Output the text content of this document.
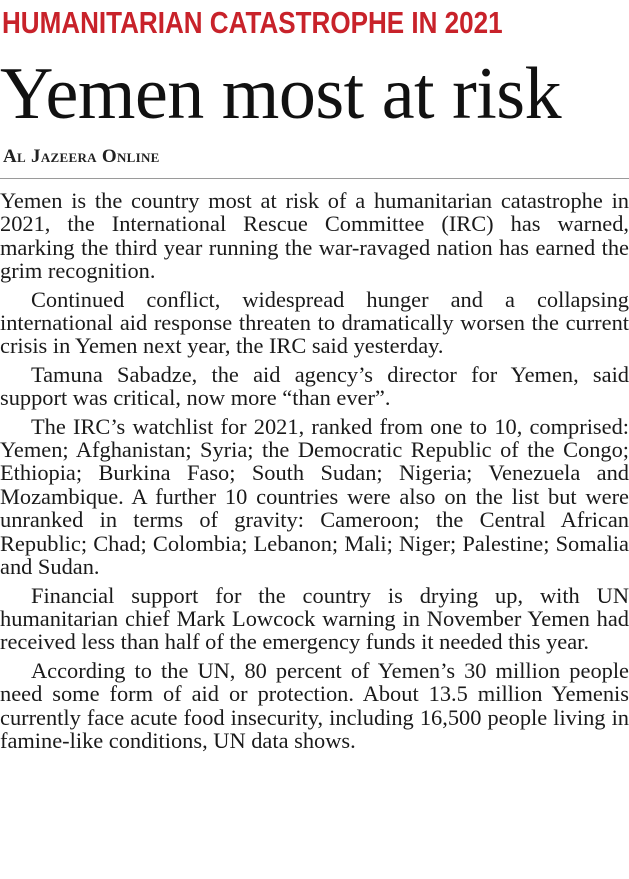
HUMANITARIAN CATASTROPHE IN 2021
Yemen most at risk
Al Jazeera Online

Yemen is the country most at risk of a humanitarian catastrophe in 2021, the International Rescue Committee (IRC) has warned, marking the third year running the war-ravaged nation has earned the grim recognition.

Continued conflict, widespread hunger and a collapsing international aid response threaten to dramatically worsen the current crisis in Yemen next year, the IRC said yesterday.

Tamuna Sabadze, the aid agency’s director for Yemen, said support was critical, now more “than ever”.

The IRC’s watchlist for 2021, ranked from one to 10, comprised: Yemen; Afghanistan; Syria; the Democratic Republic of the Congo; Ethiopia; Burkina Faso; South Sudan; Nigeria; Venezuela and Mozambique. A further 10 countries were also on the list but were unranked in terms of gravity: Cameroon; the Central African Republic; Chad; Colombia; Lebanon; Mali; Niger; Palestine; Somalia and Sudan.

Financial support for the country is drying up, with UN humanitarian chief Mark Lowcock warning in November Yemen had received less than half of the emergency funds it needed this year.

According to the UN, 80 percent of Yemen’s 30 million people need some form of aid or protection. About 13.5 million Yemenis currently face acute food insecurity, including 16,500 people living in famine-like conditions, UN data shows.
